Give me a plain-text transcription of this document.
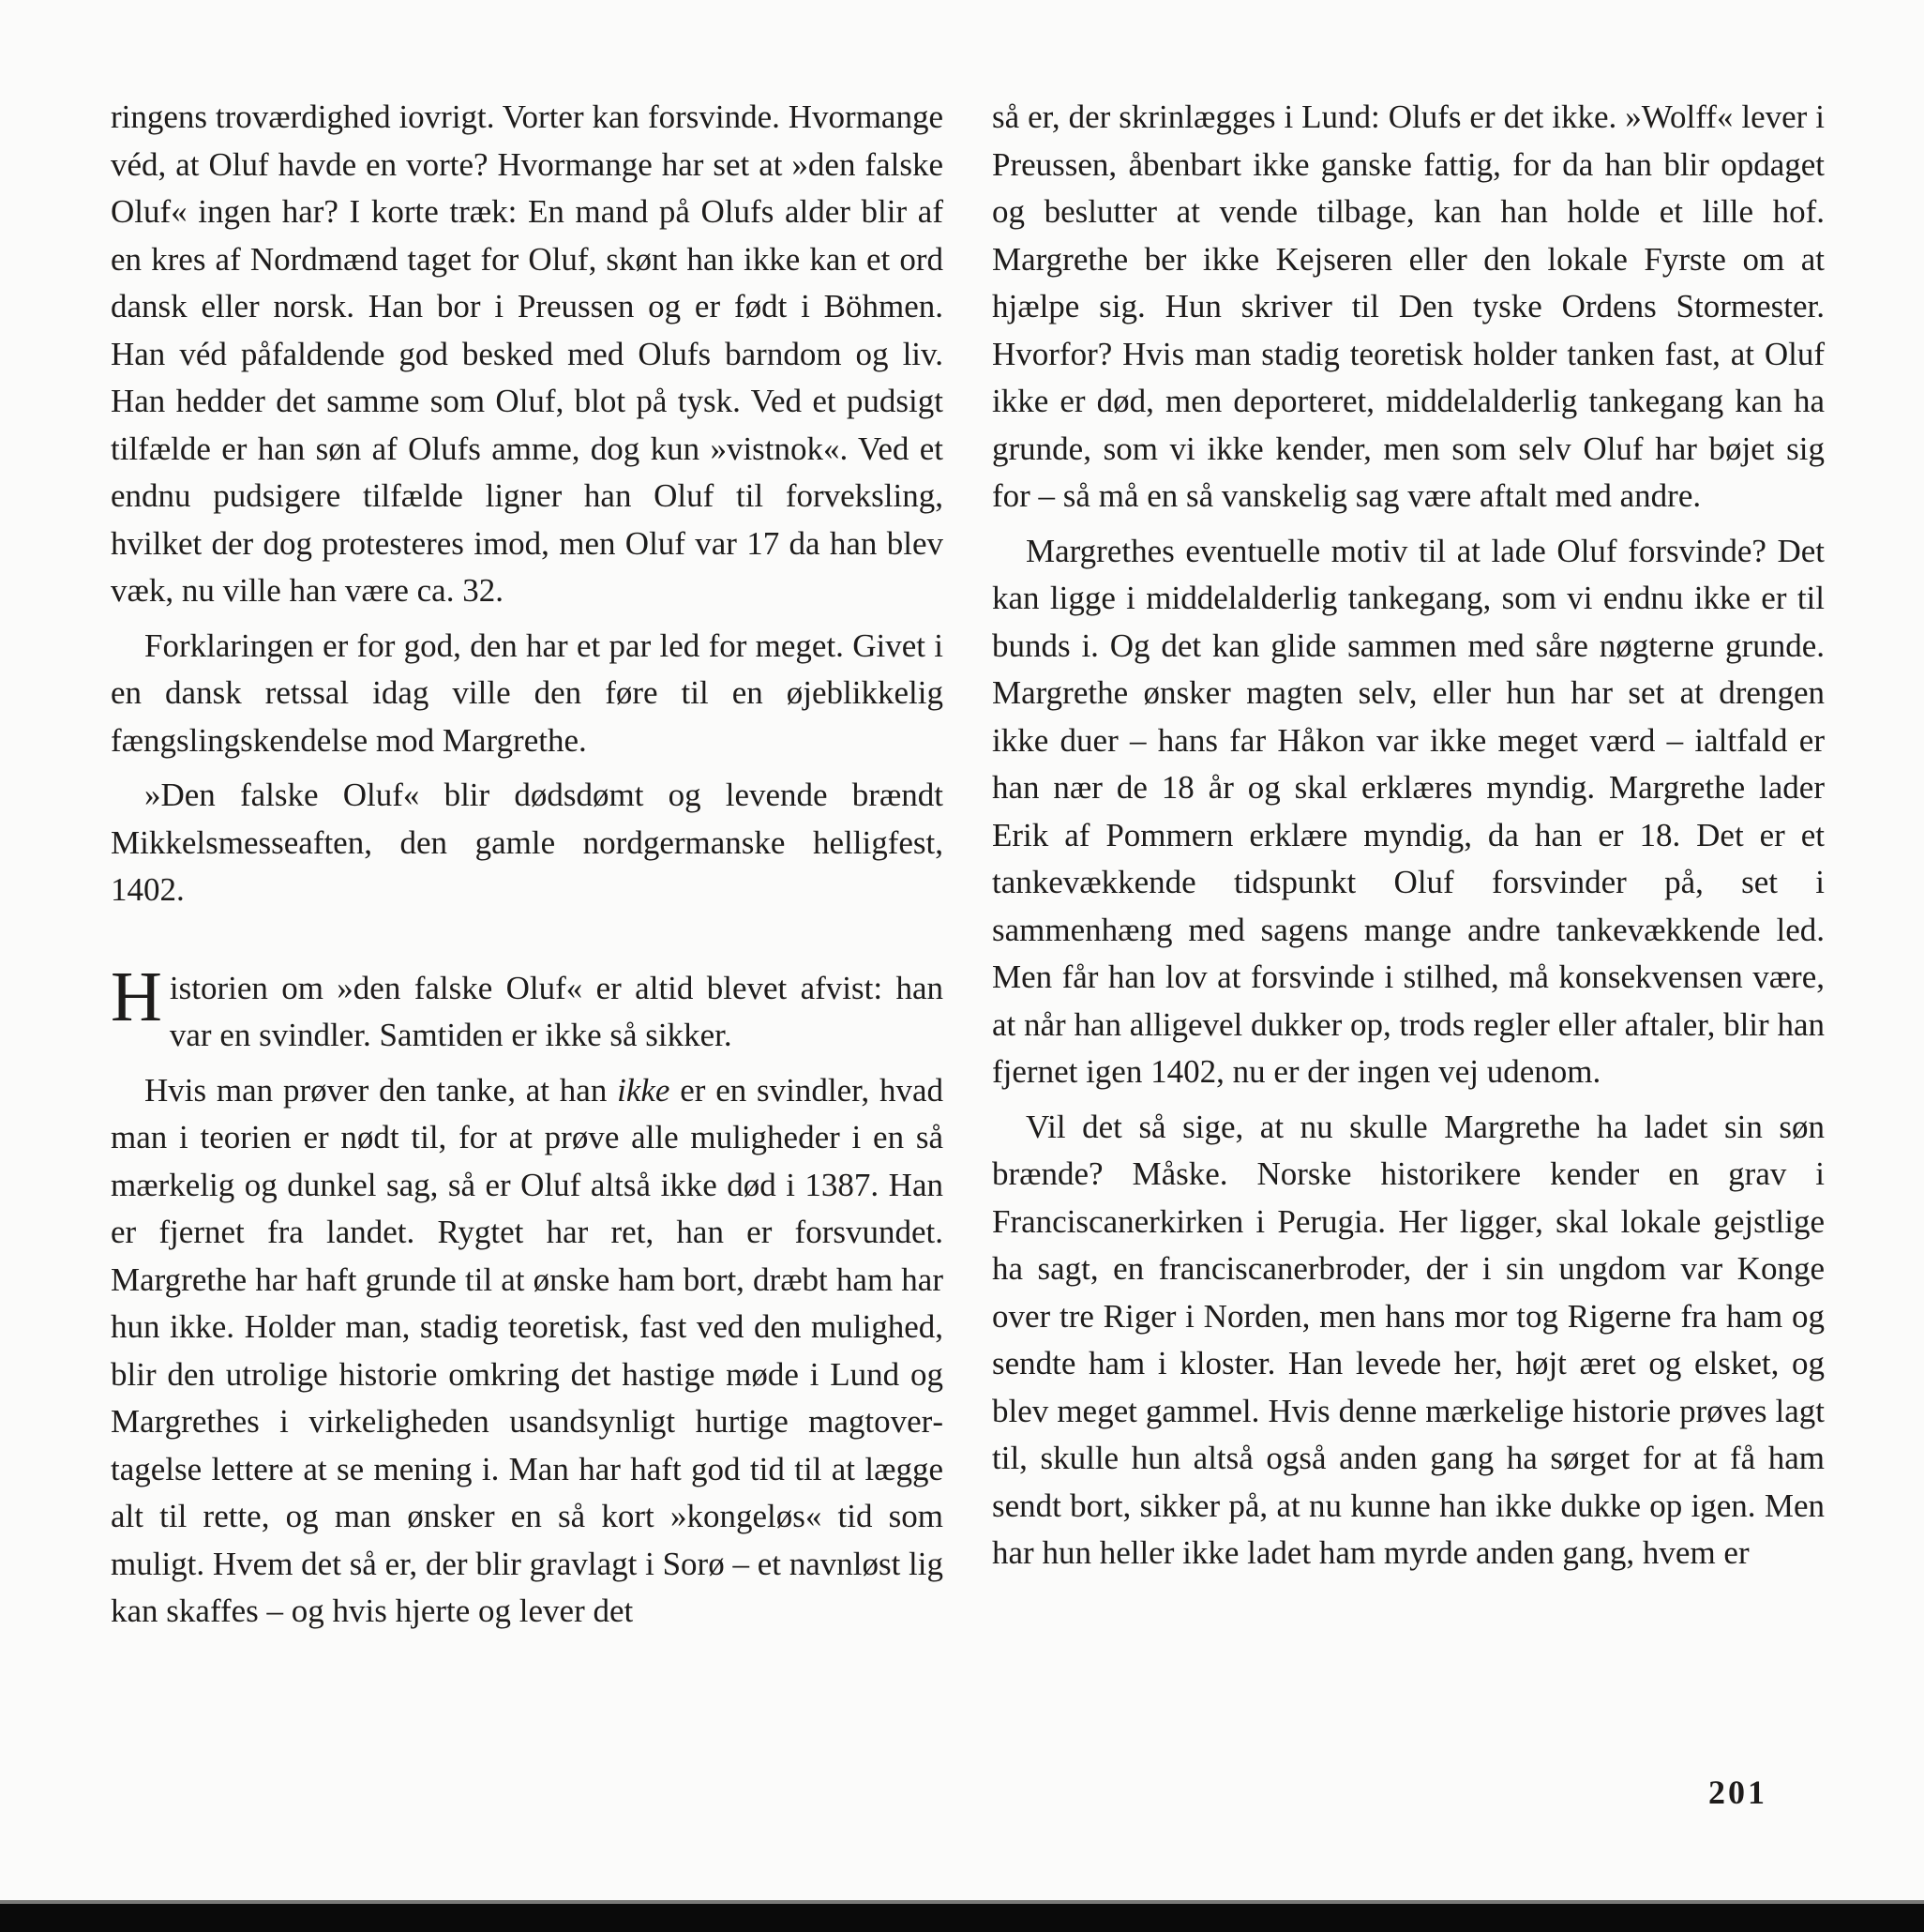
ringens troværdighed iovrigt. Vorter kan forsvinde. Hvormange véd, at Oluf havde en vorte? Hvormange har set at »den falske Oluf« ingen har? I korte træk: En mand på Olufs alder blir af en kres af Nordmænd taget for Oluf, skønt han ikke kan et ord dansk eller norsk. Han bor i Preussen og er født i Böhmen. Han véd påfaldende god besked med Olufs barndom og liv. Han hedder det samme som Oluf, blot på tysk. Ved et pudsigt tilfælde er han søn af Olufs amme, dog kun »vistnok«. Ved et endnu pudsigere tilfælde ligner han Oluf til forveksling, hvilket der dog protesteres imod, men Oluf var 17 da han blev væk, nu ville han være ca. 32.

Forklaringen er for god, den har et par led for meget. Givet i en dansk retssal idag ville den føre til en øjeblikkelig fængslingskendelse mod Margrethe.

»Den falske Oluf« blir dødsdømt og levende brændt Mikkelsmesseaften, den gamle nordgermanske helligfest, 1402.

Historien om »den falske Oluf« er altid blevet afvist: han var en svindler. Samtiden er ikke så sikker.

Hvis man prøver den tanke, at han ikke er en svindler, hvad man i teorien er nødt til, for at prøve alle muligheder i en så mærkelig og dunkel sag, så er Oluf altså ikke død i 1387. Han er fjernet fra landet. Rygtet har ret, han er forsvundet. Margrethe har haft grunde til at ønske ham bort, dræbt ham har hun ikke. Holder man, stadig teoretisk, fast ved den mulighed, blir den utrolige historie omkring det hastige møde i Lund og Margrethes i virkeligheden usandsynligt hurtige magtovertagelse lettere at se mening i. Man har haft god tid til at lægge alt til rette, og man ønsker en så kort »kongeløs« tid som muligt. Hvem det så er, der blir gravlagt i Sorø – et navnløst lig kan skaffes – og hvis hjerte og lever det

så er, der skrinlægges i Lund: Olufs er det ikke. »Wolff« lever i Preussen, åbenbart ikke ganske fattig, for da han blir opdaget og beslutter at vende tilbage, kan han holde et lille hof. Margrethe ber ikke Kejseren eller den lokale Fyrste om at hjælpe sig. Hun skriver til Den tyske Ordens Stormester. Hvorfor? Hvis man stadig teoretisk holder tanken fast, at Oluf ikke er død, men deporteret, middelalderlig tankegang kan ha grunde, som vi ikke kender, men som selv Oluf har bøjet sig for – så må en så vanskelig sag være aftalt med andre.

Margrethes eventuelle motiv til at lade Oluf forsvinde? Det kan ligge i middelalderlig tankegang, som vi endnu ikke er til bunds i. Og det kan glide sammen med såre nøgterne grunde. Margrethe ønsker magten selv, eller hun har set at drengen ikke duer – hans far Håkon var ikke meget værd – ialtfald er han nær de 18 år og skal erklæres myndig. Margrethe lader Erik af Pommern erklære myndig, da han er 18. Det er et tankevækkende tidspunkt Oluf forsvinder på, set i sammenhæng med sagens mange andre tankevækkende led. Men får han lov at forsvinde i stilhed, må konsekvensen være, at når han alligevel dukker op, trods regler eller aftaler, blir han fjernet igen 1402, nu er der ingen vej udenom.

Vil det så sige, at nu skulle Margrethe ha ladet sin søn brænde? Måske. Norske historikere kender en grav i Franciscanerkirken i Perugia. Her ligger, skal lokale gejstlige ha sagt, en franciscanerbroder, der i sin ungdom var Konge over tre Riger i Norden, men hans mor tog Rigerne fra ham og sendte ham i kloster. Han levede her, højt æret og elsket, og blev meget gammel. Hvis denne mærkelige historie prøves lagt til, skulle hun altså også anden gang ha sørget for at få ham sendt bort, sikker på, at nu kunne han ikke dukke op igen. Men har hun heller ikke ladet ham myrde anden gang, hvem er

201
